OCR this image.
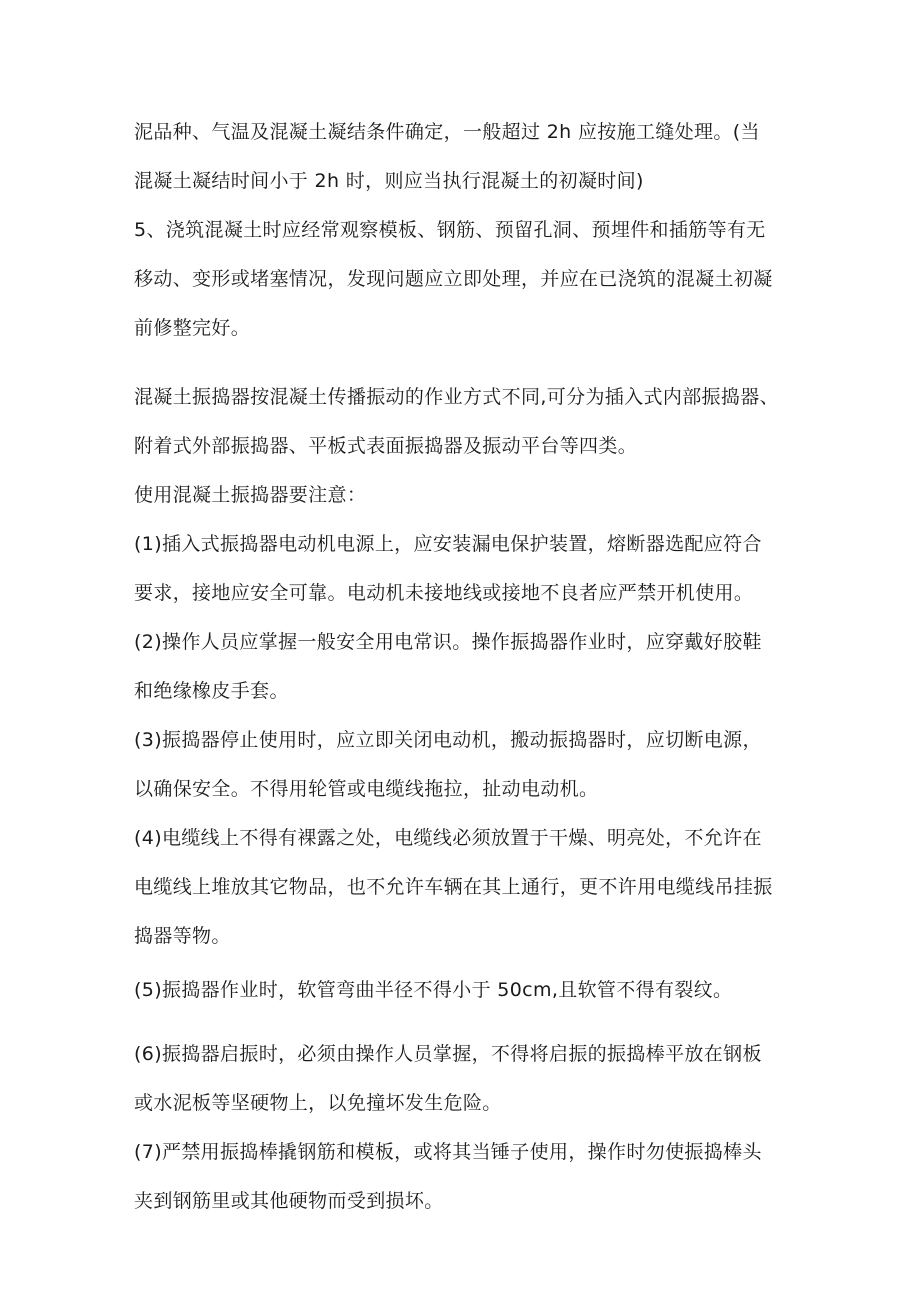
泥品种、气温及混凝土凝结条件确定，一般超过 2h 应按施工缝处理。(当

混凝土凝结时间小于 2h 时，则应当执行混凝土的初凝时间)

5、浇筑混凝土时应经常观察模板、钢筋、预留孔洞、预埋件和插筋等有无

移动、变形或堵塞情况，发现问题应立即处理，并应在已浇筑的混凝土初凝

前修整完好。

混凝土振捣器按混凝土传播振动的作业方式不同,可分为插入式内部振捣器、

附着式外部振捣器、平板式表面振捣器及振动平台等四类。

使用混凝土振捣器要注意：

(1)插入式振捣器电动机电源上，应安装漏电保护装置，熔断器选配应符合

要求，接地应安全可靠。电动机未接地线或接地不良者应严禁开机使用。

(2)操作人员应掌握一般安全用电常识。操作振捣器作业时，应穿戴好胶鞋

和绝缘橡皮手套。

(3)振捣器停止使用时，应立即关闭电动机，搬动振捣器时，应切断电源，

以确保安全。不得用轮管或电缆线拖拉，扯动电动机。

(4)电缆线上不得有裸露之处，电缆线必须放置于干燥、明亮处，不允许在

电缆线上堆放其它物品，也不允许车辆在其上通行，更不许用电缆线吊挂振

捣器等物。

(5)振捣器作业时，软管弯曲半径不得小于 50cm,且软管不得有裂纹。

(6)振捣器启振时，必须由操作人员掌握，不得将启振的振捣棒平放在钢板

或水泥板等坚硬物上，以免撞坏发生危险。

(7)严禁用振捣棒撬钢筋和模板，或将其当锤子使用，操作时勿使振捣棒头

夹到钢筋里或其他硬物而受到损坏。
